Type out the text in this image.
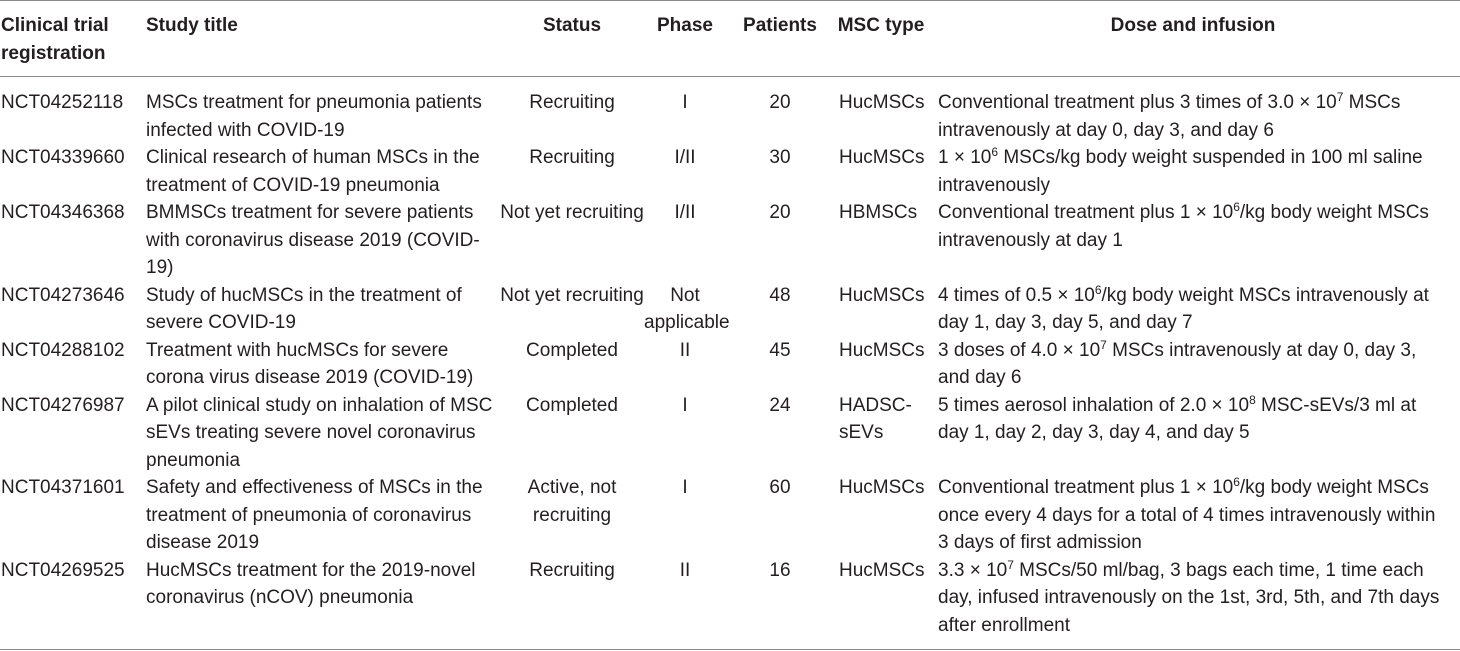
Clinical trial registration	Study title	Status	Phase	Patients	MSC type	Dose and infusion
NCT04252118	MSCs treatment for pneumonia patients infected with COVID-19	Recruiting	I	20	HucMSCs	Conventional treatment plus 3 times of $3.0 \times 10^7$ MSCs intravenously at day 0, day 3, and day 6
NCT04339660	Clinical research of human MSCs in the treatment of COVID-19 pneumonia	Recruiting	I/II	30	HucMSCs	$1 \times 10^6$ MSCs/kg body weight suspended in 100 ml saline intravenously
NCT04346368	BMMSCs treatment for severe patients with coronavirus disease 2019 (COVID-19)	Not yet recruiting	I/II	20	HBMSCs	Conventional treatment plus $1 \times 10^6/kg$ body weight MSCs intravenously at day 1
NCT04273646	Study of hucMSCs in the treatment of severe COVID-19	Not yet recruiting	Not applicable	48	HucMSCs	4 times of $0.5 \times 10^6/kg$ body weight MSCs intravenously at day 1, day 3, day 5, and day 7
NCT04288102	Treatment with hucMSCs for severe corona virus disease 2019 (COVID-19)	Completed	II	45	HucMSCs	3 doses of $4.0 \times 10^7$ MSCs intravenously at day 0, day 3, and day 6
NCT04276987	A pilot clinical study on inhalation of MSC sEVs treating severe novel coronavirus pneumonia	Completed	I	24	HADSC-sEVs	5 times aerosol inhalation of $2.0 \times 10^8$ MSC-sEVs/3 ml at day 1, day 2, day 3, day 4, and day 5
NCT04371601	Safety and effectiveness of MSCs in the treatment of pneumonia of coronavirus disease 2019	Active, not recruiting	I	60	HucMSCs	Conventional treatment plus $1 \times 10^6/kg$ body weight MSCs once every 4 days for a total of 4 times intravenously within 3 days of first admission
NCT04269525	HucMSCs treatment for the 2019-novel coronavirus (nCOV) pneumonia	Recruiting	II	16	HucMSCs	$3.3 \times 10^7$ MSCs/50 ml/bag, 3 bags each time, 1 time each day, infused intravenously on the 1st, 3rd, 5th, and 7th days after enrollment
